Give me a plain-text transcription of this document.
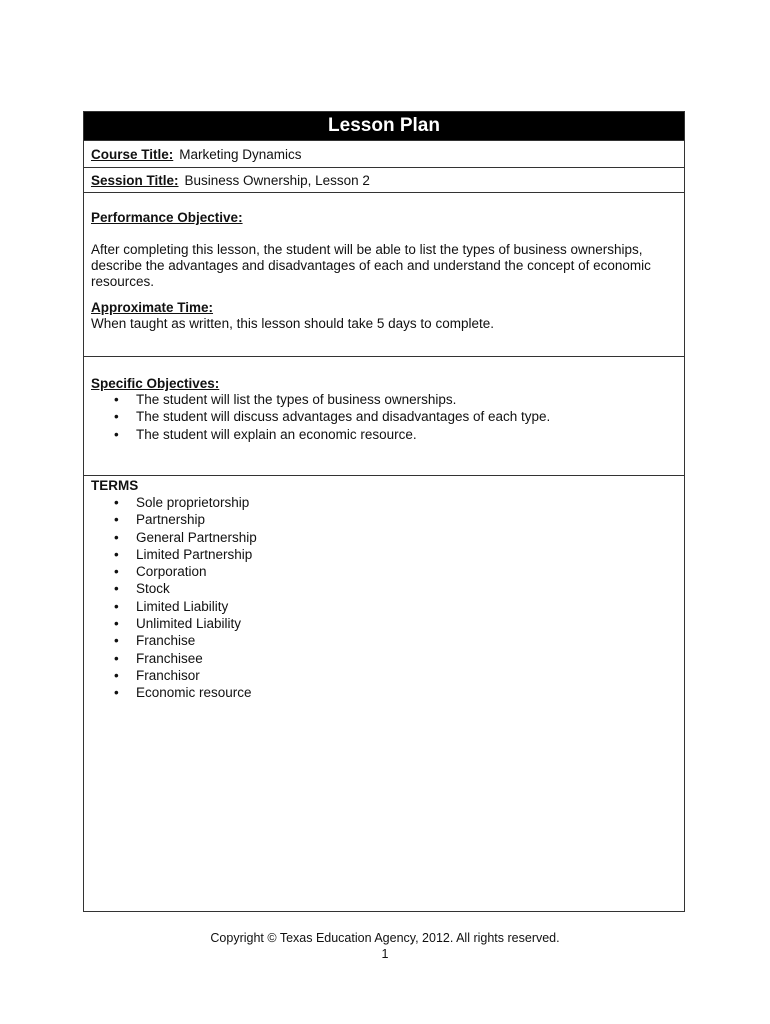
Lesson Plan
Course Title: Marketing Dynamics
Session Title: Business Ownership, Lesson 2
Performance Objective:
After completing this lesson, the student will be able to list the types of business ownerships, describe the advantages and disadvantages of each and understand the concept of economic resources.
Approximate Time:
When taught as written, this lesson should take 5 days to complete.
Specific Objectives:
• The student will list the types of business ownerships.
• The student will discuss advantages and disadvantages of each type.
• The student will explain an economic resource.
TERMS
• Sole proprietorship
• Partnership
• General Partnership
• Limited Partnership
• Corporation
• Stock
• Limited Liability
• Unlimited Liability
• Franchise
• Franchisee
• Franchisor
• Economic resource
Copyright © Texas Education Agency, 2012. All rights reserved.
1
